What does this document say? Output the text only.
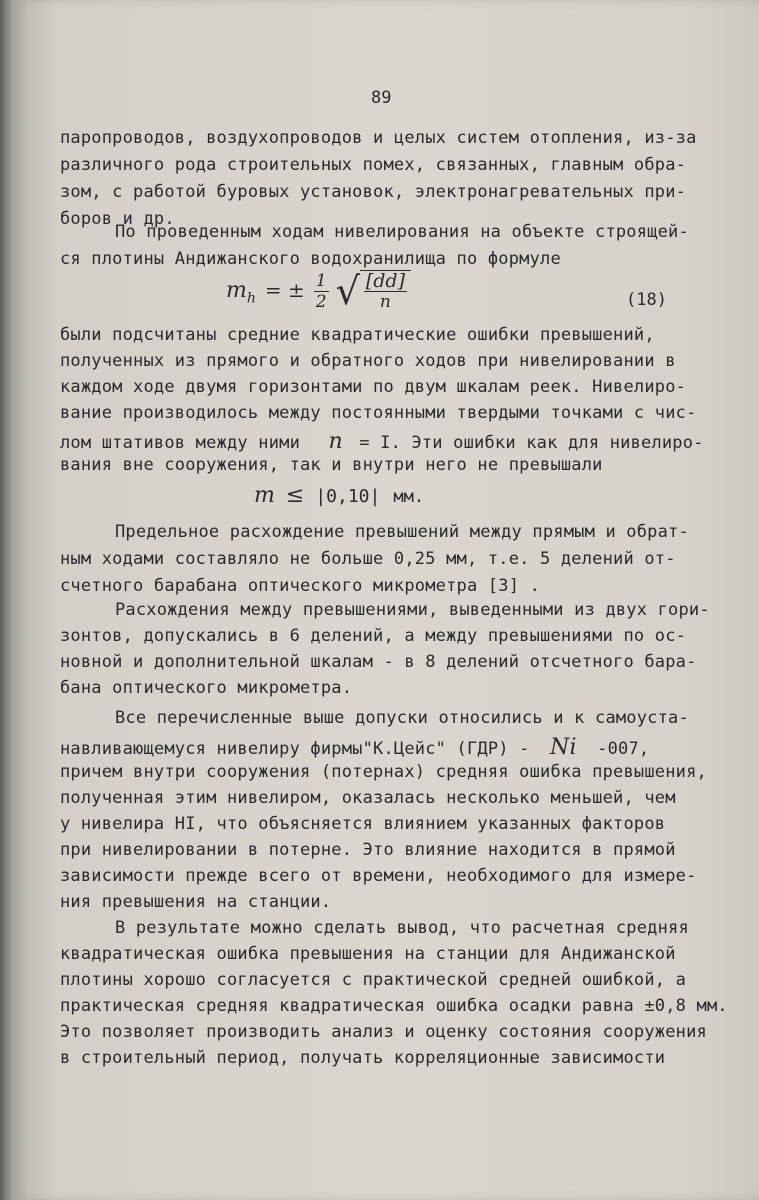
89
паропроводов, воздухопроводов и целых систем отопления, из-за
различного рода строительных помех, связанных, главным обра-
зом, с работой буровых установок, электронагревательных при-
боров и др.
По проведенным ходам нивелирования на объекте строящей-
ся плотины Андижанского водохранилища по формуле
$m_h$ = ± $\frac{1}{2}$ √ $\frac{[dd]}{n}$	(18)
были подсчитаны средние квадратические ошибки превышений,
полученных из прямого и обратного ходов при нивелировании в
каждом ходе двумя горизонтами по двум шкалам реек. Нивелиро-
вание производилось между постоянными твердыми точками с чис-
лом штативов между ними n = I. Эти ошибки как для нивелиро-
вания вне сооружения, так и внутри него не превышали
m ≤ |0,10| мм.
Предельное расхождение превышений между прямым и обрат-
ным ходами составляло не больше 0,25 мм, т.е. 5 делений от-
счетного барабана оптического микрометра [3] .
Расхождения между превышениями, выведенными из двух гори-
зонтов, допускались в 6 делений, а между превышениями по ос-
новной и дополнительной шкалам - в 8 делений отсчетного бара-
бана оптического микрометра.
Все перечисленные выше допуски относились и к самоуста-
навливающемуся нивелиру фирмы"К.Цейс" (ГДР) - Ni -007,
причем внутри сооружения (потернах) средняя ошибка превышения,
полученная этим нивелиром, оказалась несколько меньшей, чем
у нивелира НI, что объясняется влиянием указанных факторов
при нивелировании в потерне. Это влияние находится в прямой
зависимости прежде всего от времени, необходимого для измере-
ния превышения на станции.
В результате можно сделать вывод, что расчетная средняя
квадратическая ошибка превышения на станции для Андижанской
плотины хорошо согласуется с практической средней ошибкой, а
практическая средняя квадратическая ошибка осадки равна ±0,8 мм.
Это позволяет производить анализ и оценку состояния сооружения
в строительный период, получать корреляционные зависимости
